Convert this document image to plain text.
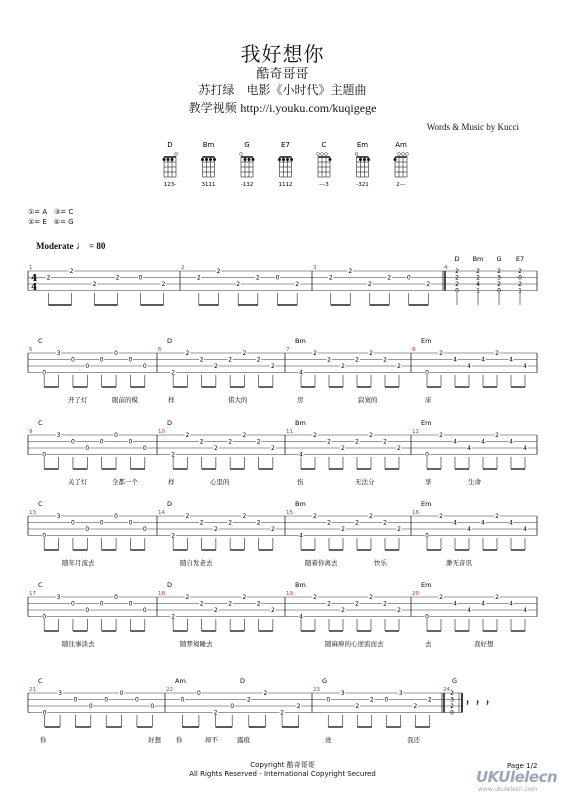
我好想你
酷奇哥哥
苏打绿　电影《小时代》主题曲
教学视频 http://i.youku.com/kuqigege
Words & Music by Kucci
①= A　③= C
②= E　④= G
Moderate ♩ = 80
D
123-
Bm
3111
G
-132
E7
1112
C
---3
Em
-321
Am
2---
4
4
1
2
2
2
2	0
2
2
2
2
2
2	0
2
3
2
2
2
2	0
2
4
D
2
2
2
0
Bm
2
2
4
1
G
2
3
2
0
E7
2
0
2
1
5
C
0
3
0
0
0
0
0
0
6
D
2
2
2
2
2
2
2
2
7
Bm
4
2
2
2
2
2
2
2
8
Em
0
2
4
4
4
2
4
4
开了灯	眼前的模	样	偌大的	房	寂寞的	床
9
C
0
3
0
0
0
0
0
0
10
D
2
2
2
2
2
2
2
2
11
Bm
4
2
2
2
2
2
2
2
12
Em
0
2
4
4
4
2
4
4
关了灯	全都一个	样	心里的	伤	无法分	享	生命
13
C
0
3
0
0
0
0
0
0
14
D
2
2
2
2
2
2
2
2
15
Bm
4
2
2
2
2
2
2
2
16
Em
0
2
4
4
4
2
4
4
随年月流去	随自发老去	随着你离去	快乐	渺无音讯
17
C
0
3
0
0
0
0
0
0
18
D
2
2
2
2
2
2
2
2
19
Bm
4
2
2
2
2
2
2
2
20
Em
0
2
4
4
4
2
4
4
随往事淡去	随梦境睡去	随麻痹的心逆流而去	去	我好想
21
C
0
3
0
0
0
0
0
0
22
Am	D
0
0
2
0
2
2
2
2
23
G
0
3
2
2 0
3
2
2
24
G
2
3
2
0
𝄽 𝄽 𝄽
你	好想 你	却不	露痕	迹	我还
Copyright 酷奇哥哥
All Rights Reserved - International Copyright Secured
Page 1/2
UKUlelecn
www.ukulelecn.com
